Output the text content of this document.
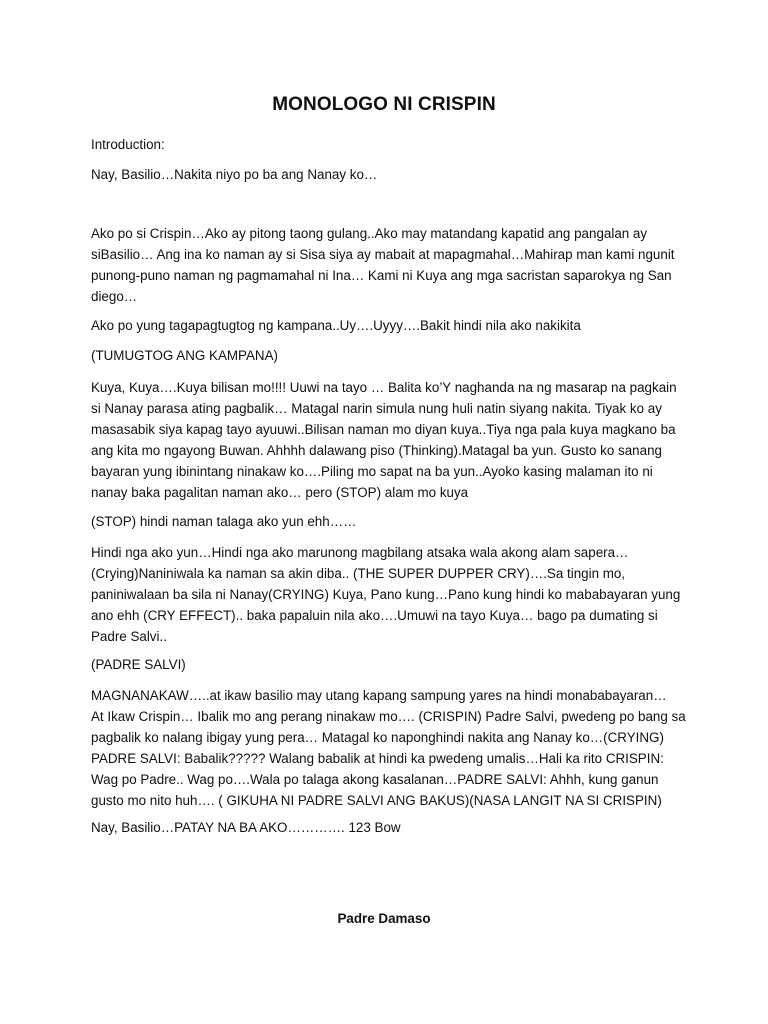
MONOLOGO NI CRISPIN

Introduction:

Nay, Basilio…Nakita niyo po ba ang Nanay ko…

Ako po si Crispin…Ako ay pitong taong gulang..Ako may matandang kapatid ang pangalan ay
siBasilio… Ang ina ko naman ay si Sisa siya ay mabait at mapagmahal…Mahirap man kami ngunit
punong-puno naman ng pagmamahal ni Ina… Kami ni Kuya ang mga sacristan saparokya ng San
diego…

Ako po yung tagapagtugtog ng kampana..Uy….Uyyy….Bakit hindi nila ako nakikita

(TUMUGTOG ANG KAMPANA)

Kuya, Kuya….Kuya bilisan mo!!!! Uuwi na tayo … Balita ko’Y naghanda na ng masarap na pagkain
si Nanay parasa ating pagbalik… Matagal narin simula nung huli natin siyang nakita. Tiyak ko ay
masasabik siya kapag tayo ayuuwi..Bilisan naman mo diyan kuya..Tiya nga pala kuya magkano ba
ang kita mo ngayong Buwan. Ahhhh dalawang piso (Thinking).Matagal ba yun. Gusto ko sanang
bayaran yung ibinintang ninakaw ko….Piling mo sapat na ba yun..Ayoko kasing malaman ito ni
nanay baka pagalitan naman ako… pero (STOP) alam mo kuya

(STOP) hindi naman talaga ako yun ehh……

Hindi nga ako yun…Hindi nga ako marunong magbilang atsaka wala akong alam sapera…
(Crying)Naniniwala ka naman sa akin diba.. (THE SUPER DUPPER CRY)….Sa tingin mo,
paniniwalaan ba sila ni Nanay(CRYING) Kuya, Pano kung…Pano kung hindi ko mababayaran yung
ano ehh (CRY EFFECT).. baka papaluin nila ako….Umuwi na tayo Kuya… bago pa dumating si
Padre Salvi..

(PADRE SALVI)

MAGNANAKAW…..at ikaw basilio may utang kapang sampung yares na hindi monababayaran…
At Ikaw Crispin… Ibalik mo ang perang ninakaw mo…. (CRISPIN) Padre Salvi, pwedeng po bang sa
pagbalik ko nalang ibigay yung pera… Matagal ko naponghindi nakita ang Nanay ko…(CRYING)
PADRE SALVI: Babalik????? Walang babalik at hindi ka pwedeng umalis…Hali ka rito CRISPIN:
Wag po Padre.. Wag po….Wala po talaga akong kasalanan…PADRE SALVI: Ahhh, kung ganun
gusto mo nito huh…. ( GIKUHA NI PADRE SALVI ANG BAKUS)(NASA LANGIT NA SI CRISPIN)

Nay, Basilio…PATAY NA BA AKO…………. 123 Bow

Padre Damaso
